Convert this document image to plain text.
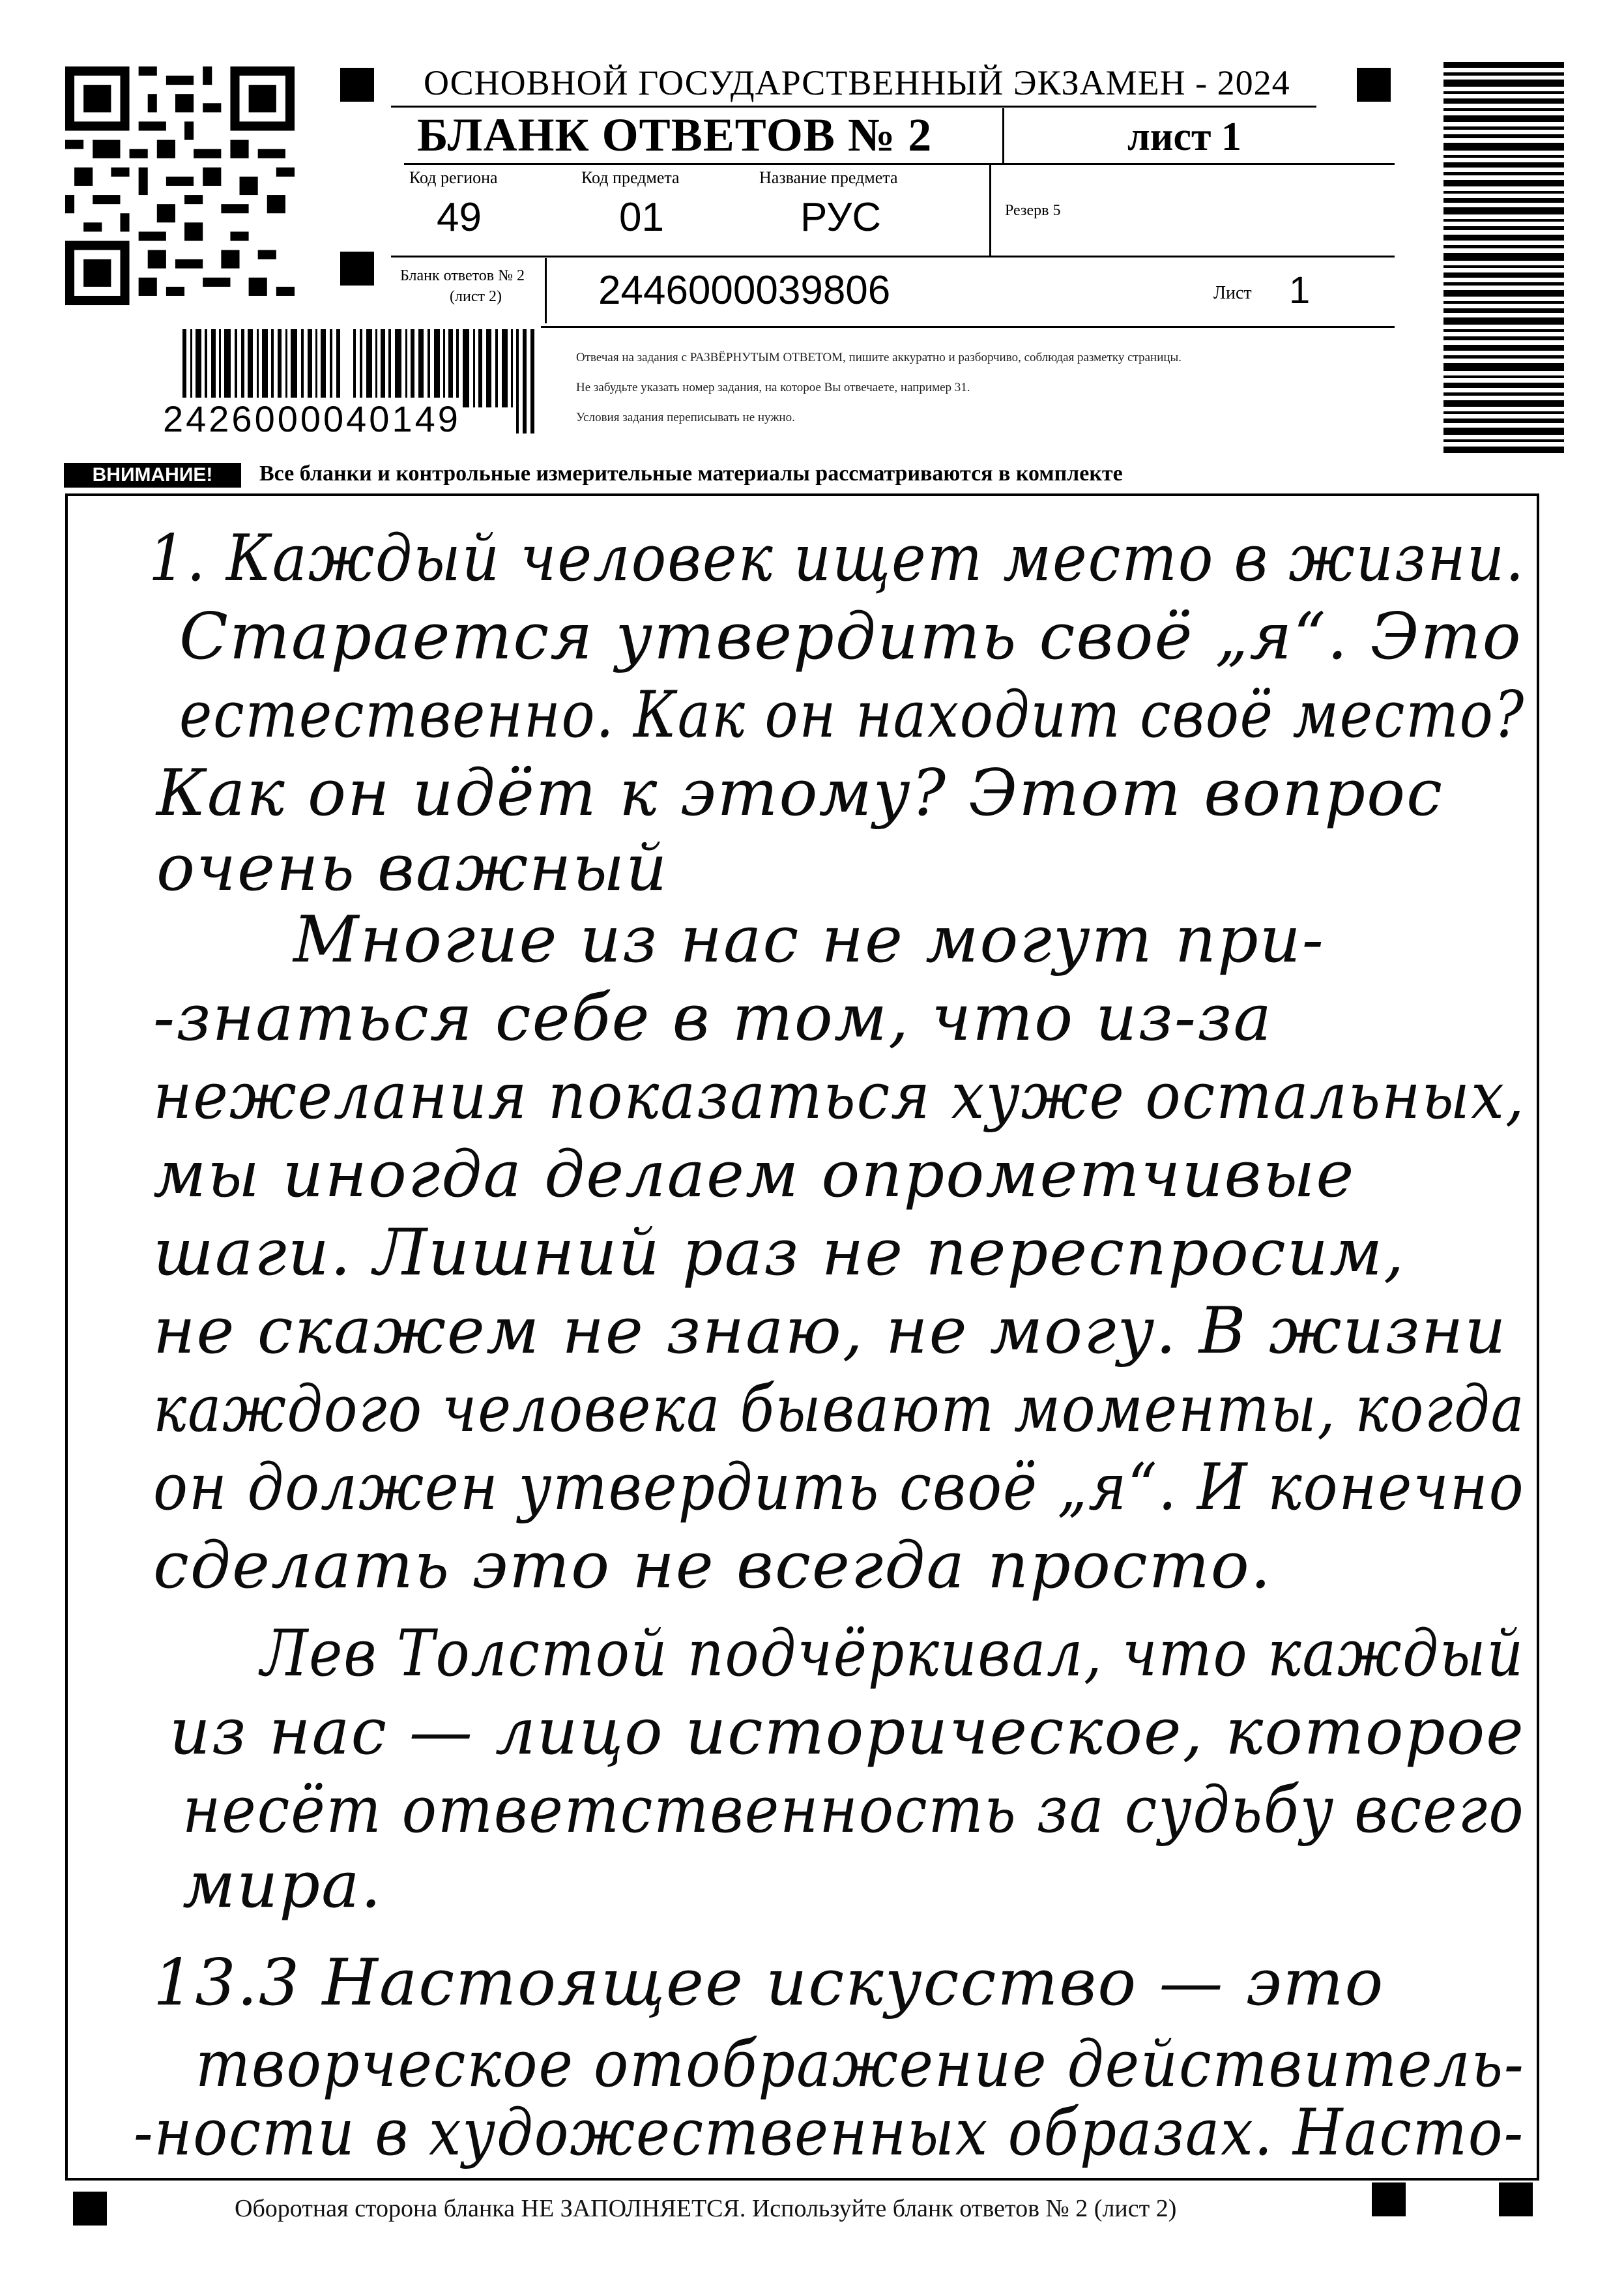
ОСНОВНОЙ ГОСУДАРСТВЕННЫЙ ЭКЗАМЕН - 2024
БЛАНК ОТВЕТОВ № 2	лист 1
Код региона
49
Код предмета
01
Название предмета
РУС	Резерв 5
Бланк ответов № 2
(лист 2) 2446000039806	Лист 1
2426000040149
Отвечая на задания с РАЗВЁРНУТЫМ ОТВЕТОМ, пишите аккуратно и разборчиво, соблюдая разметку страницы.
Не забудьте указать номер задания, на которое Вы отвечаете, например 31.
Условия задания переписывать не нужно.
ВНИМАНИЕ!	Все бланки и контрольные измерительные материалы рассматриваются в комплекте
1. Каждый человек ищет место в жизни.
Старается утвердить своё „я“. Это
естественно. Как он находит своё место?
Как он идёт к этому? Этот вопрос
очень важный
Многие из нас не могут при-
-знаться себе в том, что из-за
нежелания показаться хуже остальных,
мы иногда делаем опрометчивые
шаги. Лишний раз не переспросим,
не скажем не знаю, не могу. В жизни
каждого человека бывают моменты, когда
он должен утвердить своё „я“. И конечно
сделать это не всегда просто.
Лев Толстой подчёркивал, что каждый
из нас — лицо историческое, которое
несёт ответственность за судьбу всего
мира.
13.3 Настоящее искусство — это
творческое отображение действитель-
-ности в художественных образах. Насто-
Оборотная сторона бланка НЕ ЗАПОЛНЯЕТСЯ. Используйте бланк ответов № 2 (лист 2)
